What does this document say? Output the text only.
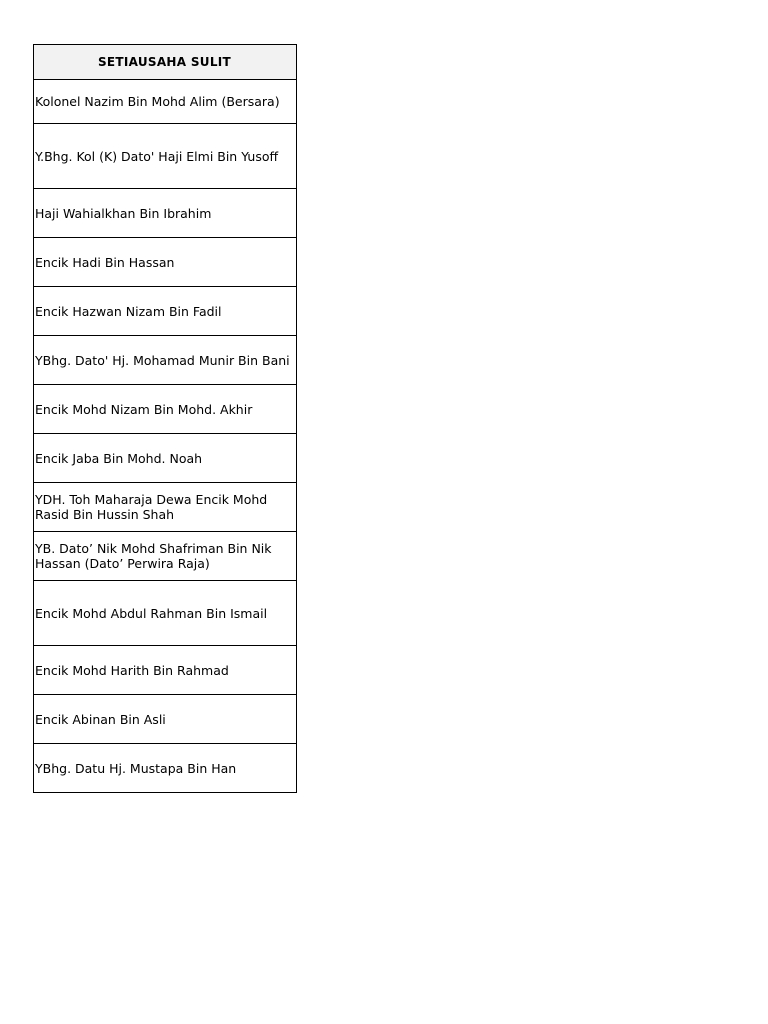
SETIAUSAHA SULIT
Kolonel Nazim Bin Mohd Alim (Bersara)
Y.Bhg. Kol (K) Dato' Haji Elmi Bin Yusoff
Haji Wahialkhan Bin Ibrahim
Encik Hadi Bin Hassan
Encik Hazwan Nizam Bin Fadil
YBhg. Dato' Hj. Mohamad Munir Bin Bani
Encik Mohd Nizam Bin Mohd. Akhir
Encik Jaba Bin Mohd. Noah
YDH. Toh Maharaja Dewa Encik Mohd Rasid Bin Hussin Shah
YB. Dato’ Nik Mohd Shafriman Bin Nik Hassan (Dato’ Perwira Raja)
Encik Mohd Abdul Rahman Bin Ismail
Encik Mohd Harith Bin Rahmad
Encik Abinan Bin Asli
YBhg. Datu Hj. Mustapa Bin Han
